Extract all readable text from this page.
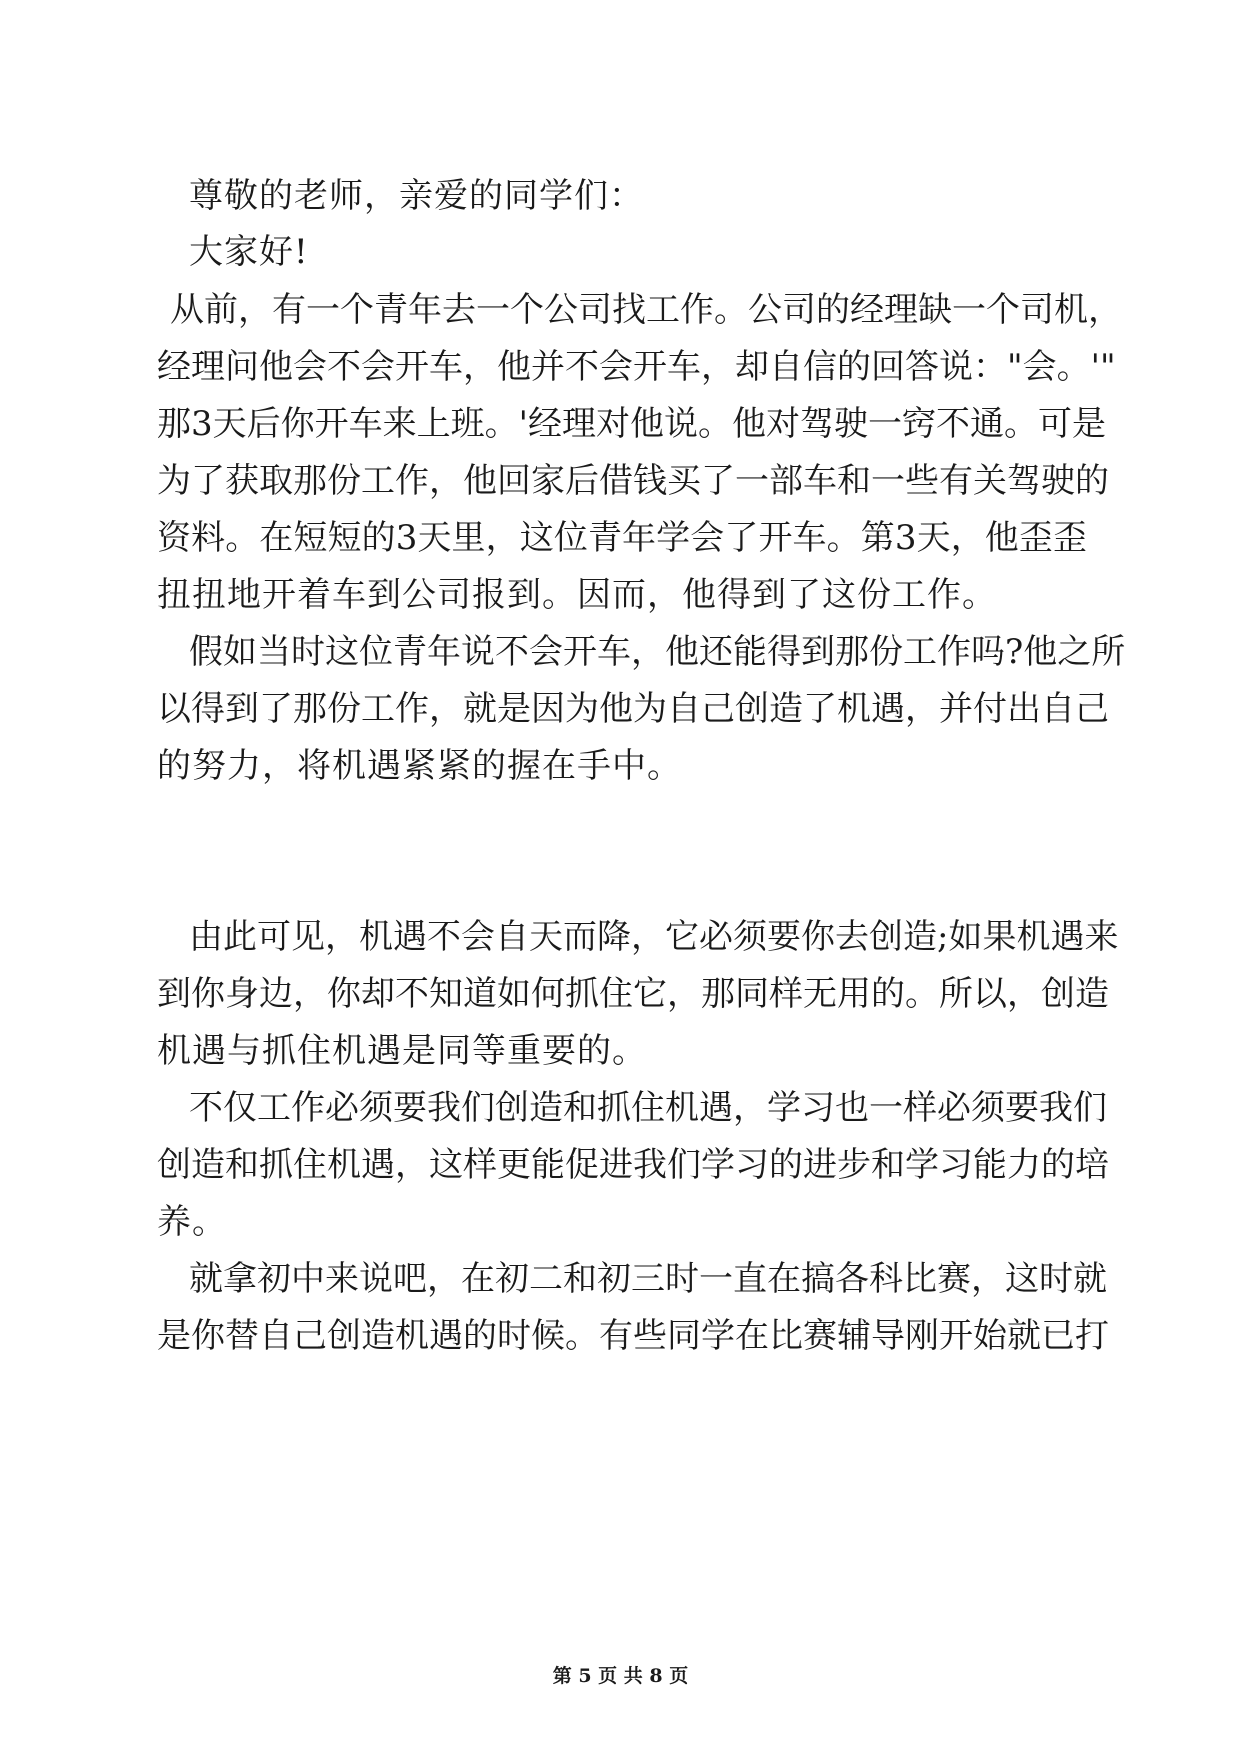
尊敬的老师，亲爱的同学们：
大家好!
从前，有一个青年去一个公司找工作。公司的经理缺一个司机，
经理问他会不会开车，他并不会开车，却自信的回答说："会。'"
那3天后你开车来上班。'经理对他说。他对驾驶一窍不通。可是
为了获取那份工作，他回家后借钱买了一部车和一些有关驾驶的
资料。在短短的3天里，这位青年学会了开车。第3天，他歪歪
扭扭地开着车到公司报到。因而，他得到了这份工作。
假如当时这位青年说不会开车，他还能得到那份工作吗?他之所
以得到了那份工作，就是因为他为自己创造了机遇，并付出自己
的努力，将机遇紧紧的握在手中。
由此可见，机遇不会自天而降，它必须要你去创造;如果机遇来
到你身边，你却不知道如何抓住它，那同样无用的。所以，创造
机遇与抓住机遇是同等重要的。
不仅工作必须要我们创造和抓住机遇，学习也一样必须要我们
创造和抓住机遇，这样更能促进我们学习的进步和学习能力的培
养。
就拿初中来说吧，在初二和初三时一直在搞各科比赛，这时就
是你替自己创造机遇的时候。有些同学在比赛辅导刚开始就已打
第 5 页 共 8 页
